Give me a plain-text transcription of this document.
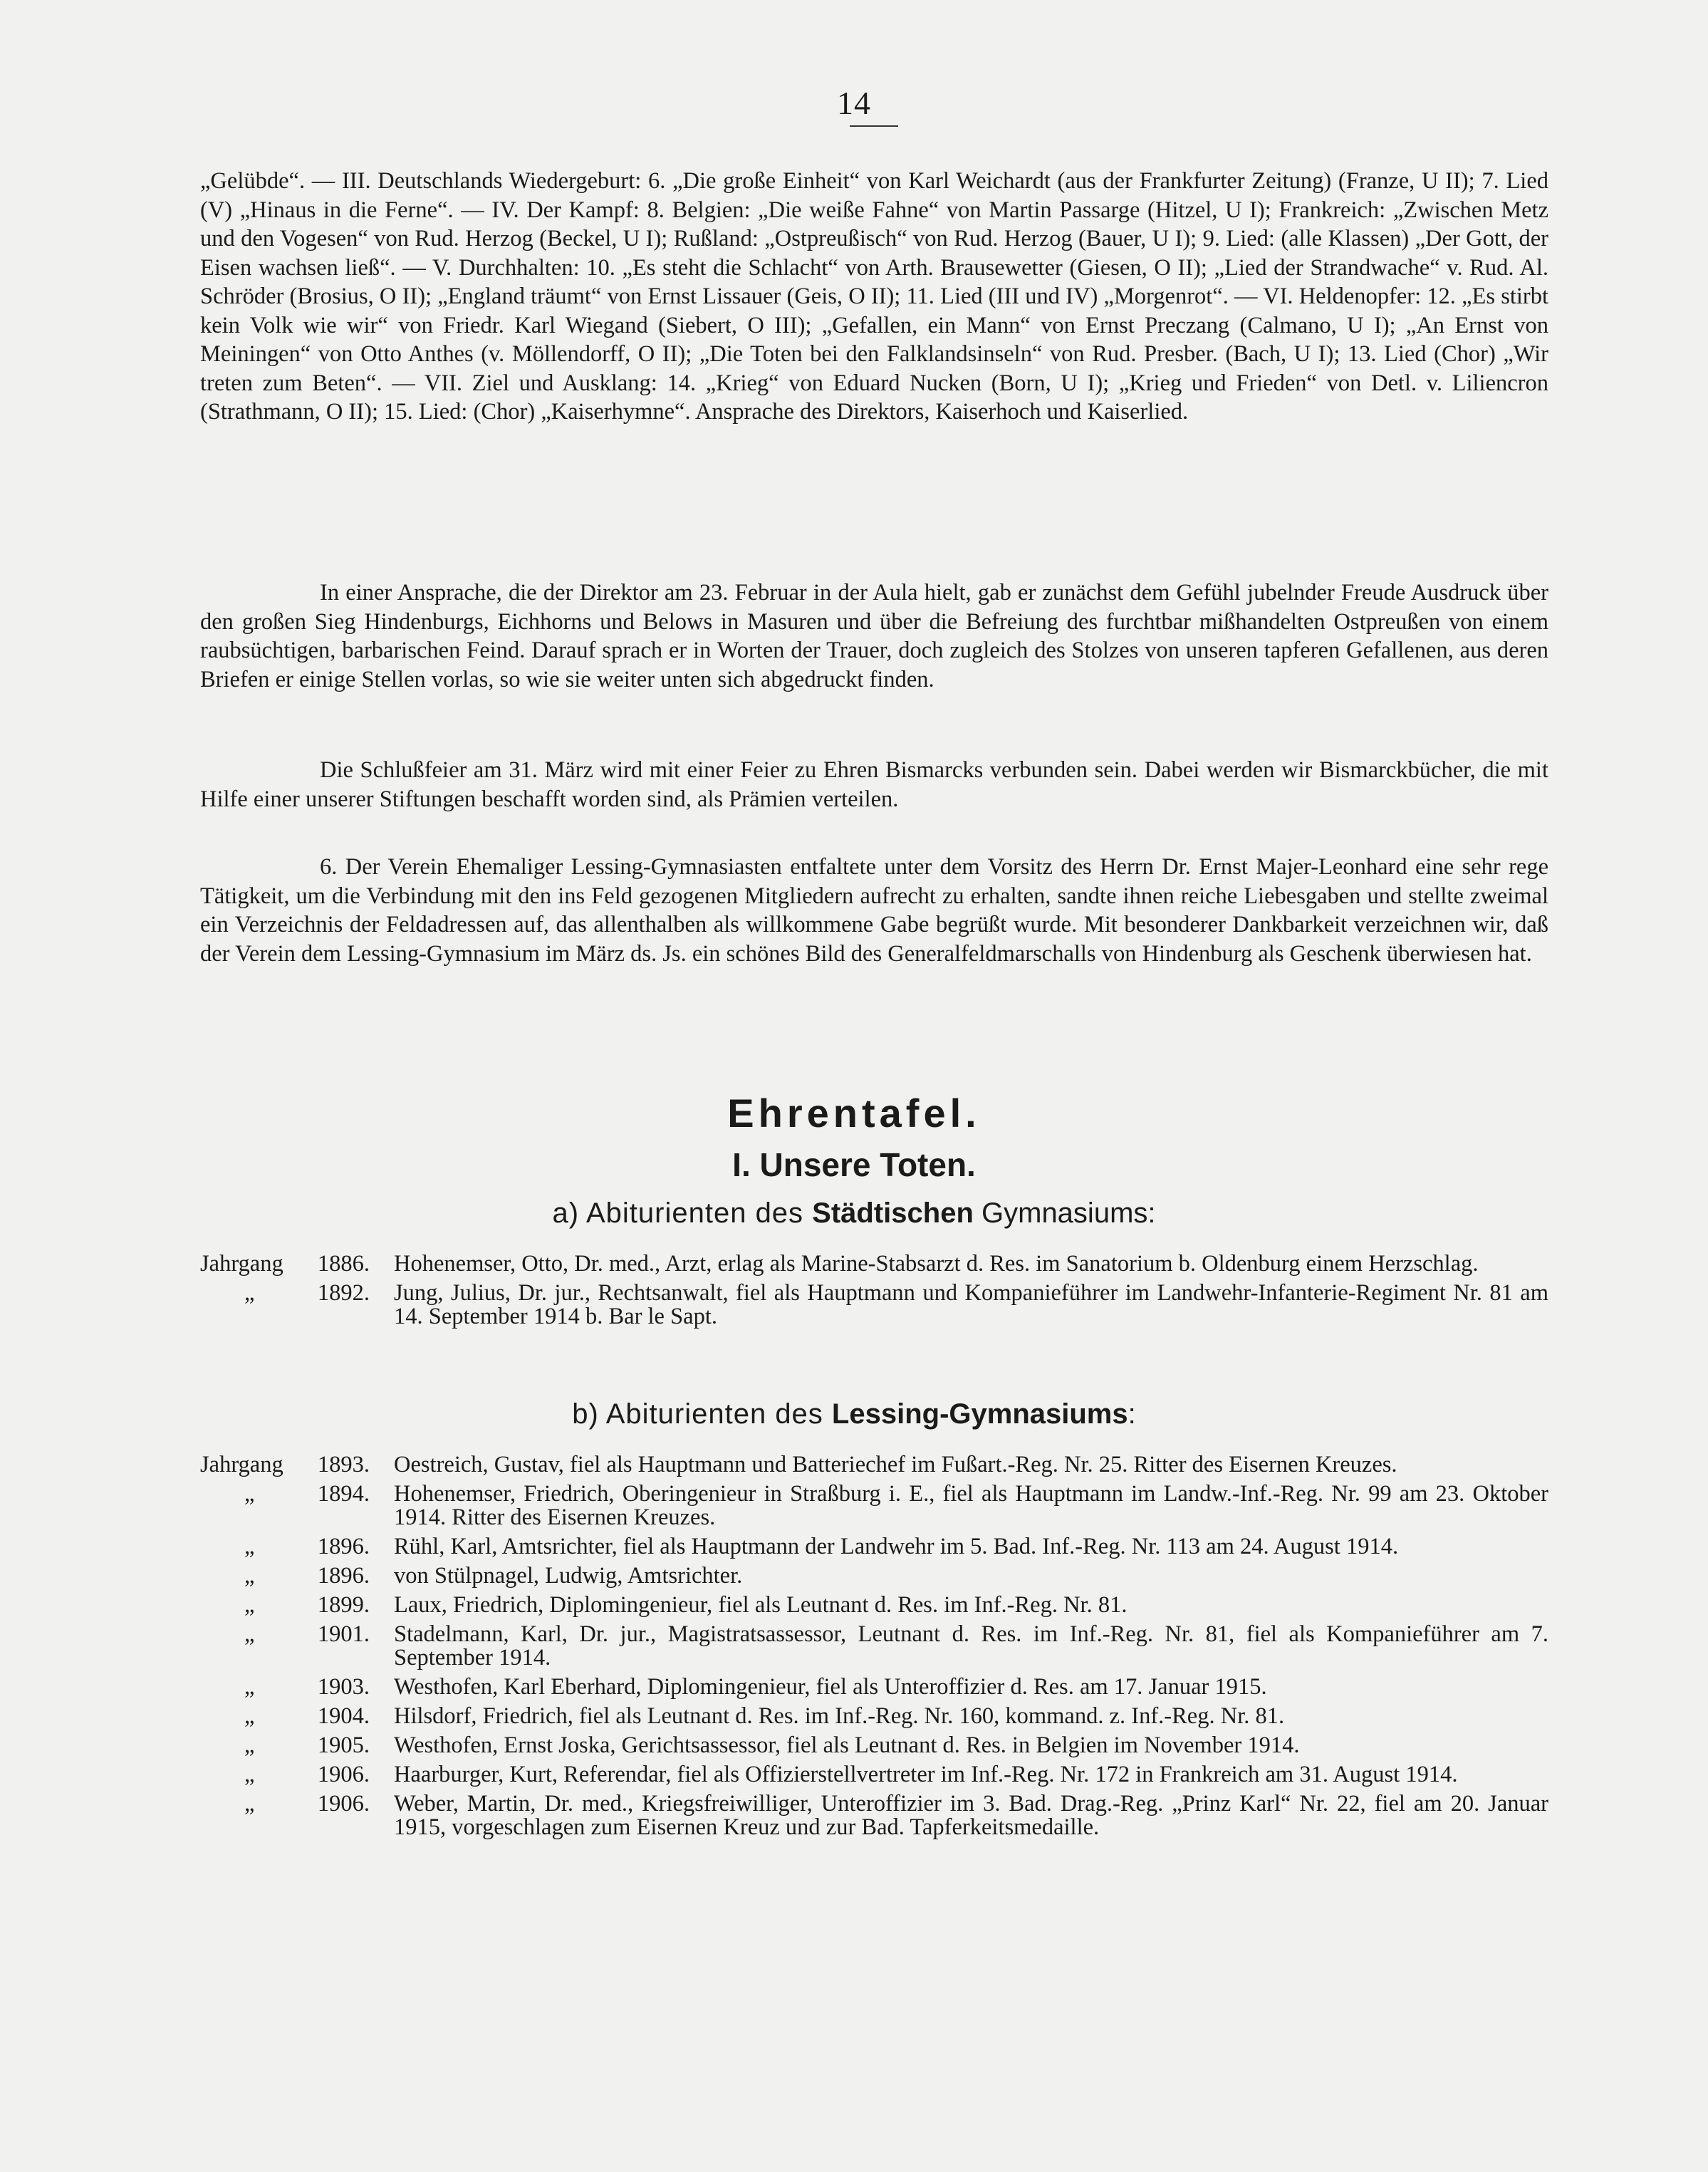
14

„Gelübde“. — III. Deutschlands Wiedergeburt: 6. „Die große Einheit“ von Karl Weichardt (aus der Frankfurter Zeitung) (Franze, U II); 7. Lied (V) „Hinaus in die Ferne“. — IV. Der Kampf: 8. Belgien: „Die weiße Fahne“ von Martin Passarge (Hitzel, U I); Frankreich: „Zwischen Metz und den Vogesen“ von Rud. Herzog (Beckel, U I); Rußland: „Ostpreußisch“ von Rud. Herzog (Bauer, U I); 9. Lied: (alle Klassen) „Der Gott, der Eisen wachsen ließ“. — V. Durchhalten: 10. „Es steht die Schlacht“ von Arth. Brausewetter (Giesen, O II); „Lied der Strandwache“ v. Rud. Al. Schröder (Brosius, O II); „England träumt“ von Ernst Lissauer (Geis, O II); 11. Lied (III und IV) „Morgenrot“. — VI. Heldenopfer: 12. „Es stirbt kein Volk wie wir“ von Friedr. Karl Wiegand (Siebert, O III); „Gefallen, ein Mann“ von Ernst Preczang (Calmano, U I); „An Ernst von Meiningen“ von Otto Anthes (v. Möllendorff, O II); „Die Toten bei den Falklandsinseln“ von Rud. Presber. (Bach, U I); 13. Lied (Chor) „Wir treten zum Beten“. — VII. Ziel und Ausklang: 14. „Krieg“ von Eduard Nucken (Born, U I); „Krieg und Frieden“ von Detl. v. Liliencron (Strathmann, O II); 15. Lied: (Chor) „Kaiserhymne“. Ansprache des Direktors, Kaiserhoch und Kaiserlied.

In einer Ansprache, die der Direktor am 23. Februar in der Aula hielt, gab er zunächst dem Gefühl jubelnder Freude Ausdruck über den großen Sieg Hindenburgs, Eichhorns und Belows in Masuren und über die Befreiung des furchtbar mißhandelten Ostpreußen von einem raubsüchtigen, barbarischen Feind. Darauf sprach er in Worten der Trauer, doch zugleich des Stolzes von unseren tapferen Gefallenen, aus deren Briefen er einige Stellen vorlas, so wie sie weiter unten sich abgedruckt finden.

Die Schlußfeier am 31. März wird mit einer Feier zu Ehren Bismarcks verbunden sein. Dabei werden wir Bismarckbücher, die mit Hilfe einer unserer Stiftungen beschafft worden sind, als Prämien verteilen.

6. Der Verein Ehemaliger Lessing-Gymnasiasten entfaltete unter dem Vorsitz des Herrn Dr. Ernst Majer-Leonhard eine sehr rege Tätigkeit, um die Verbindung mit den ins Feld gezogenen Mitgliedern aufrecht zu erhalten, sandte ihnen reiche Liebesgaben und stellte zweimal ein Verzeichnis der Feldadressen auf, das allenthalben als willkommene Gabe begrüßt wurde. Mit besonderer Dankbarkeit verzeichnen wir, daß der Verein dem Lessing-Gymnasium im März ds. Js. ein schönes Bild des Generalfeldmarschalls von Hindenburg als Geschenk überwiesen hat.

Ehrentafel.
I. Unsere Toten.
a) Abiturienten des Städtischen Gymnasiums:
Jahrgang 1886.	Hohenemser, Otto, Dr. med., Arzt, erlag als Marine-Stabsarzt d. Res. im Sanatorium b. Oldenburg einem Herzschlag.
„	1892.	Jung, Julius, Dr. jur., Rechtsanwalt, fiel als Hauptmann und Kompanieführer im Landwehr-Infanterie-Regiment Nr. 81 am 14. September 1914 b. Bar le Sapt.
b) Abiturienten des Lessing-Gymnasiums:
Jahrgang 1893.	Oestreich, Gustav, fiel als Hauptmann und Batteriechef im Fußart.-Reg. Nr. 25. Ritter des Eisernen Kreuzes.
„	1894.	Hohenemser, Friedrich, Oberingenieur in Straßburg i. E., fiel als Hauptmann im Landw.-Inf.-Reg. Nr. 99 am 23. Oktober 1914. Ritter des Eisernen Kreuzes.
„	1896.	Rühl, Karl, Amtsrichter, fiel als Hauptmann der Landwehr im 5. Bad. Inf.-Reg. Nr. 113 am 24. August 1914.
„	1896.	von Stülpnagel, Ludwig, Amtsrichter.
„	1899.	Laux, Friedrich, Diplomingenieur, fiel als Leutnant d. Res. im Inf.-Reg. Nr. 81.
„	1901.	Stadelmann, Karl, Dr. jur., Magistratsassessor, Leutnant d. Res. im Inf.-Reg. Nr. 81, fiel als Kompanieführer am 7. September 1914.
„	1903.	Westhofen, Karl Eberhard, Diplomingenieur, fiel als Unteroffizier d. Res. am 17. Januar 1915.
„	1904.	Hilsdorf, Friedrich, fiel als Leutnant d. Res. im Inf.-Reg. Nr. 160, kommand. z. Inf.-Reg. Nr. 81.
„	1905.	Westhofen, Ernst Joska, Gerichtsassessor, fiel als Leutnant d. Res. in Belgien im November 1914.
„	1906.	Haarburger, Kurt, Referendar, fiel als Offizierstellvertreter im Inf.-Reg. Nr. 172 in Frankreich am 31. August 1914.
„	1906.	Weber, Martin, Dr. med., Kriegsfreiwilliger, Unteroffizier im 3. Bad. Drag.-Reg. „Prinz Karl“ Nr. 22, fiel am 20. Januar 1915, vorgeschlagen zum Eisernen Kreuz und zur Bad. Tapferkeitsmedaille.
